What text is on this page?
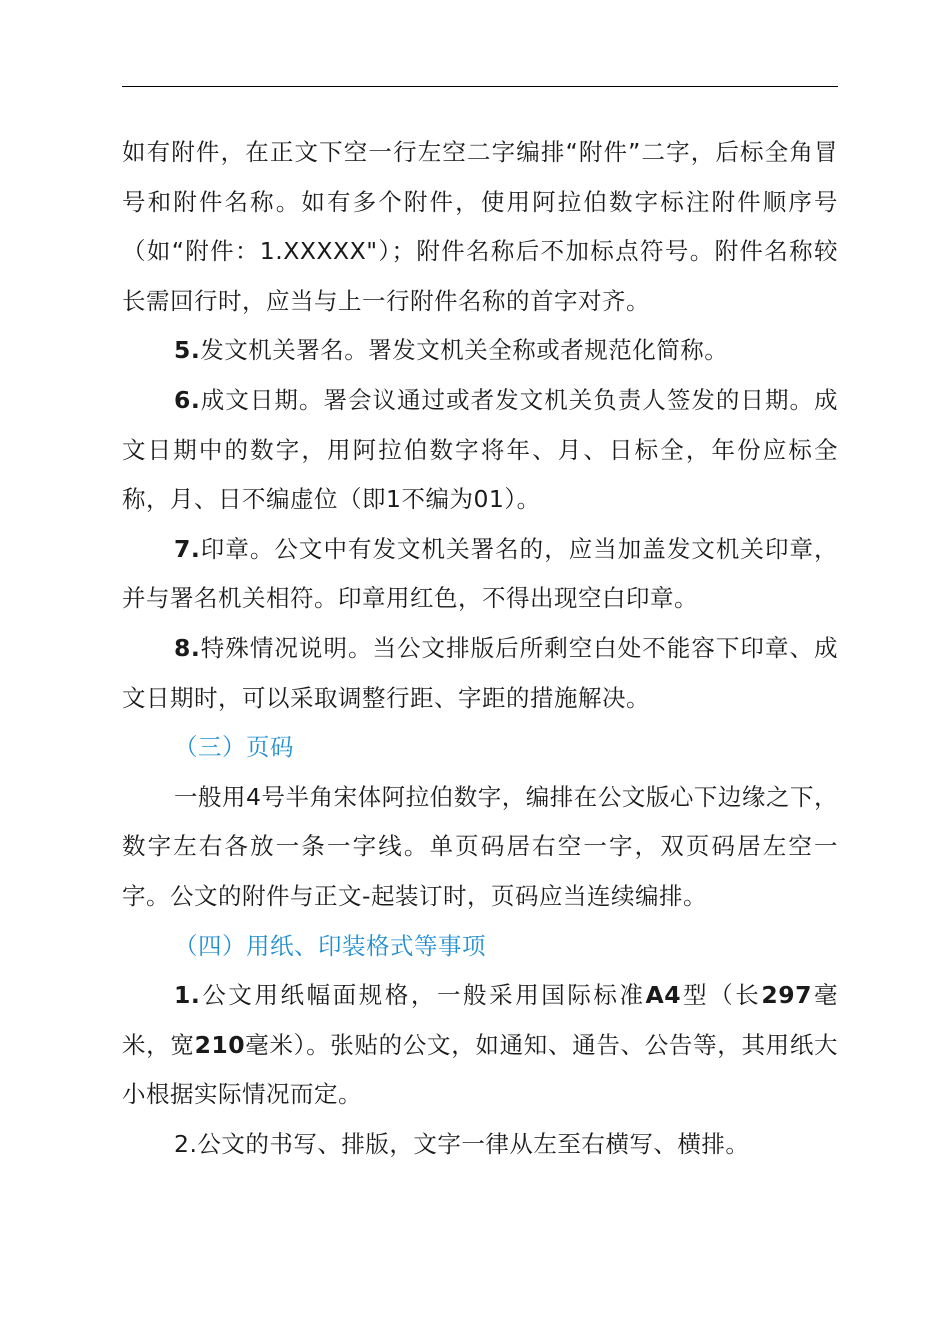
如有附件，在正文下空一行左空二字编排“附件”二字，后标全角冒号和附件名称。如有多个附件，使用阿拉伯数字标注附件顺序号（如“附件：1.XXXXX"）；附件名称后不加标点符号。附件名称较长需回行时，应当与上一行附件名称的首字对齐。

5.发文机关署名。署发文机关全称或者规范化简称。

6.成文日期。署会议通过或者发文机关负责人签发的日期。成文日期中的数字，用阿拉伯数字将年、月、日标全，年份应标全称，月、日不编虚位（即1不编为01）。

7.印章。公文中有发文机关署名的，应当加盖发文机关印章，并与署名机关相符。印章用红色，不得出现空白印章。

8.特殊情况说明。当公文排版后所剩空白处不能容下印章、成文日期时，可以采取调整行距、字距的措施解决。

（三）页码

一般用4号半角宋体阿拉伯数字，编排在公文版心下边缘之下，数字左右各放一条一字线。单页码居右空一字，双页码居左空一字。公文的附件与正文-起装订时，页码应当连续编排。

（四）用纸、印装格式等事项

1.公文用纸幅面规格，一般采用国际标准A4型（长297毫米，宽210毫米）。张贴的公文，如通知、通告、公告等，其用纸大小根据实际情况而定。

2.公文的书写、排版，文字一律从左至右横写、横排。
